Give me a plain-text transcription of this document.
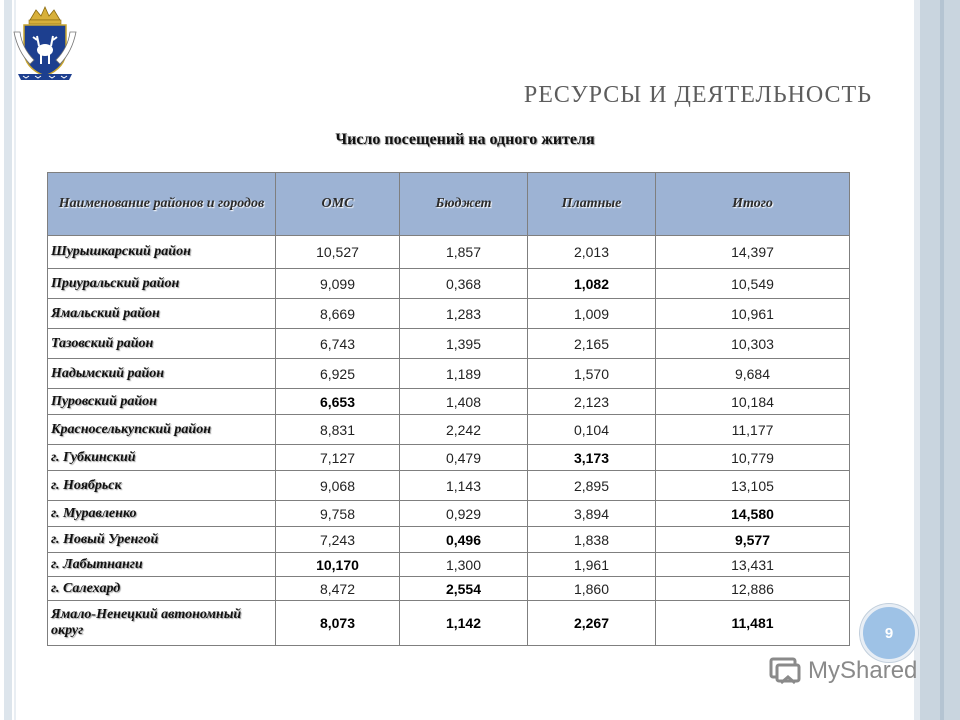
РЕСУРСЫ И ДЕЯТЕЛЬНОСТЬ
Число посещений на одного жителя
Наименование районов и городов	ОМС	Бюджет	Платные	Итого
Шурышкарский район	10,527	1,857	2,013	14,397
Приуральский район	9,099	0,368	1,082	10,549
Ямальский район	8,669	1,283	1,009	10,961
Тазовский район	6,743	1,395	2,165	10,303
Надымский район	6,925	1,189	1,570	9,684
Пуровский район	6,653	1,408	2,123	10,184
Красноселькупский район	8,831	2,242	0,104	11,177
г. Губкинский	7,127	0,479	3,173	10,779
г. Ноябрьск	9,068	1,143	2,895	13,105
г. Муравленко	9,758	0,929	3,894	14,580
г. Новый Уренгой	7,243	0,496	1,838	9,577
г. Лабытнанги	10,170	1,300	1,961	13,431
г. Салехард	8,472	2,554	1,860	12,886
Ямало-Ненецкий автономный округ	8,073	1,142	2,267	11,481
9
MyShared
